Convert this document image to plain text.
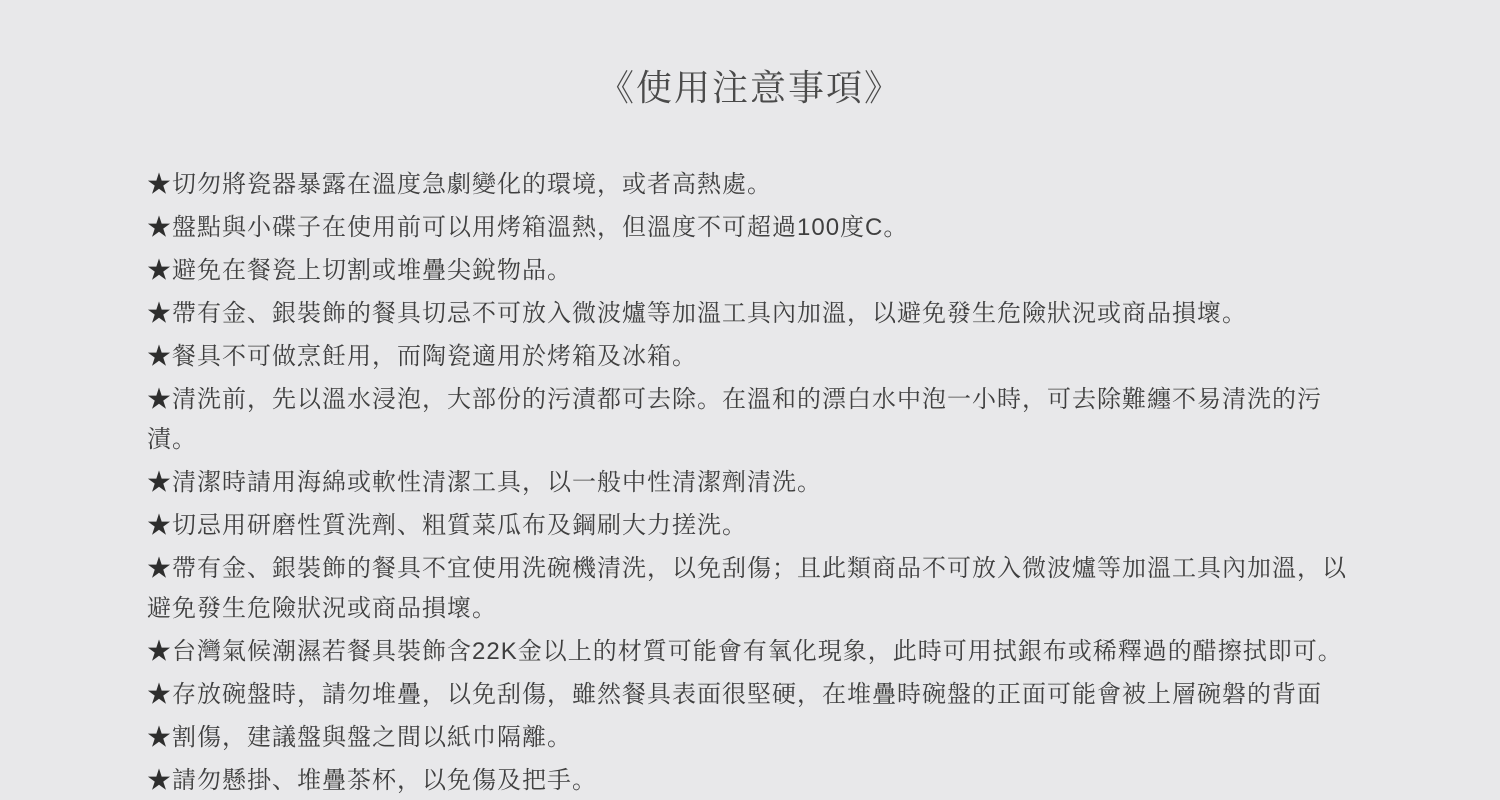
《使用注意事項》

★切勿將瓷器暴露在溫度急劇變化的環境，或者高熱處。

★盤點與小碟子在使用前可以用烤箱溫熱，但溫度不可超過100度C。

★避免在餐瓷上切割或堆疊尖銳物品。

★帶有金、銀裝飾的餐具切忌不可放入微波爐等加溫工具內加溫，以避免發生危險狀況或商品損壞。

★餐具不可做烹飪用，而陶瓷適用於烤箱及冰箱。

★清洗前，先以溫水浸泡，大部份的污漬都可去除。在溫和的漂白水中泡一小時，可去除難纏不易清洗的污漬。

★清潔時請用海綿或軟性清潔工具，以一般中性清潔劑清洗。

★切忌用研磨性質洗劑、粗質菜瓜布及鋼刷大力搓洗。

★帶有金、銀裝飾的餐具不宜使用洗碗機清洗，以免刮傷；且此類商品不可放入微波爐等加溫工具內加溫，以避免發生危險狀況或商品損壞。

★台灣氣候潮濕若餐具裝飾含22K金以上的材質可能會有氧化現象，此時可用拭銀布或稀釋過的醋擦拭即可。

★存放碗盤時，請勿堆疊，以免刮傷，雖然餐具表面很堅硬，在堆疊時碗盤的正面可能會被上層碗磐的背面

★割傷，建議盤與盤之間以紙巾隔離。

★請勿懸掛、堆疊茶杯，以免傷及把手。
